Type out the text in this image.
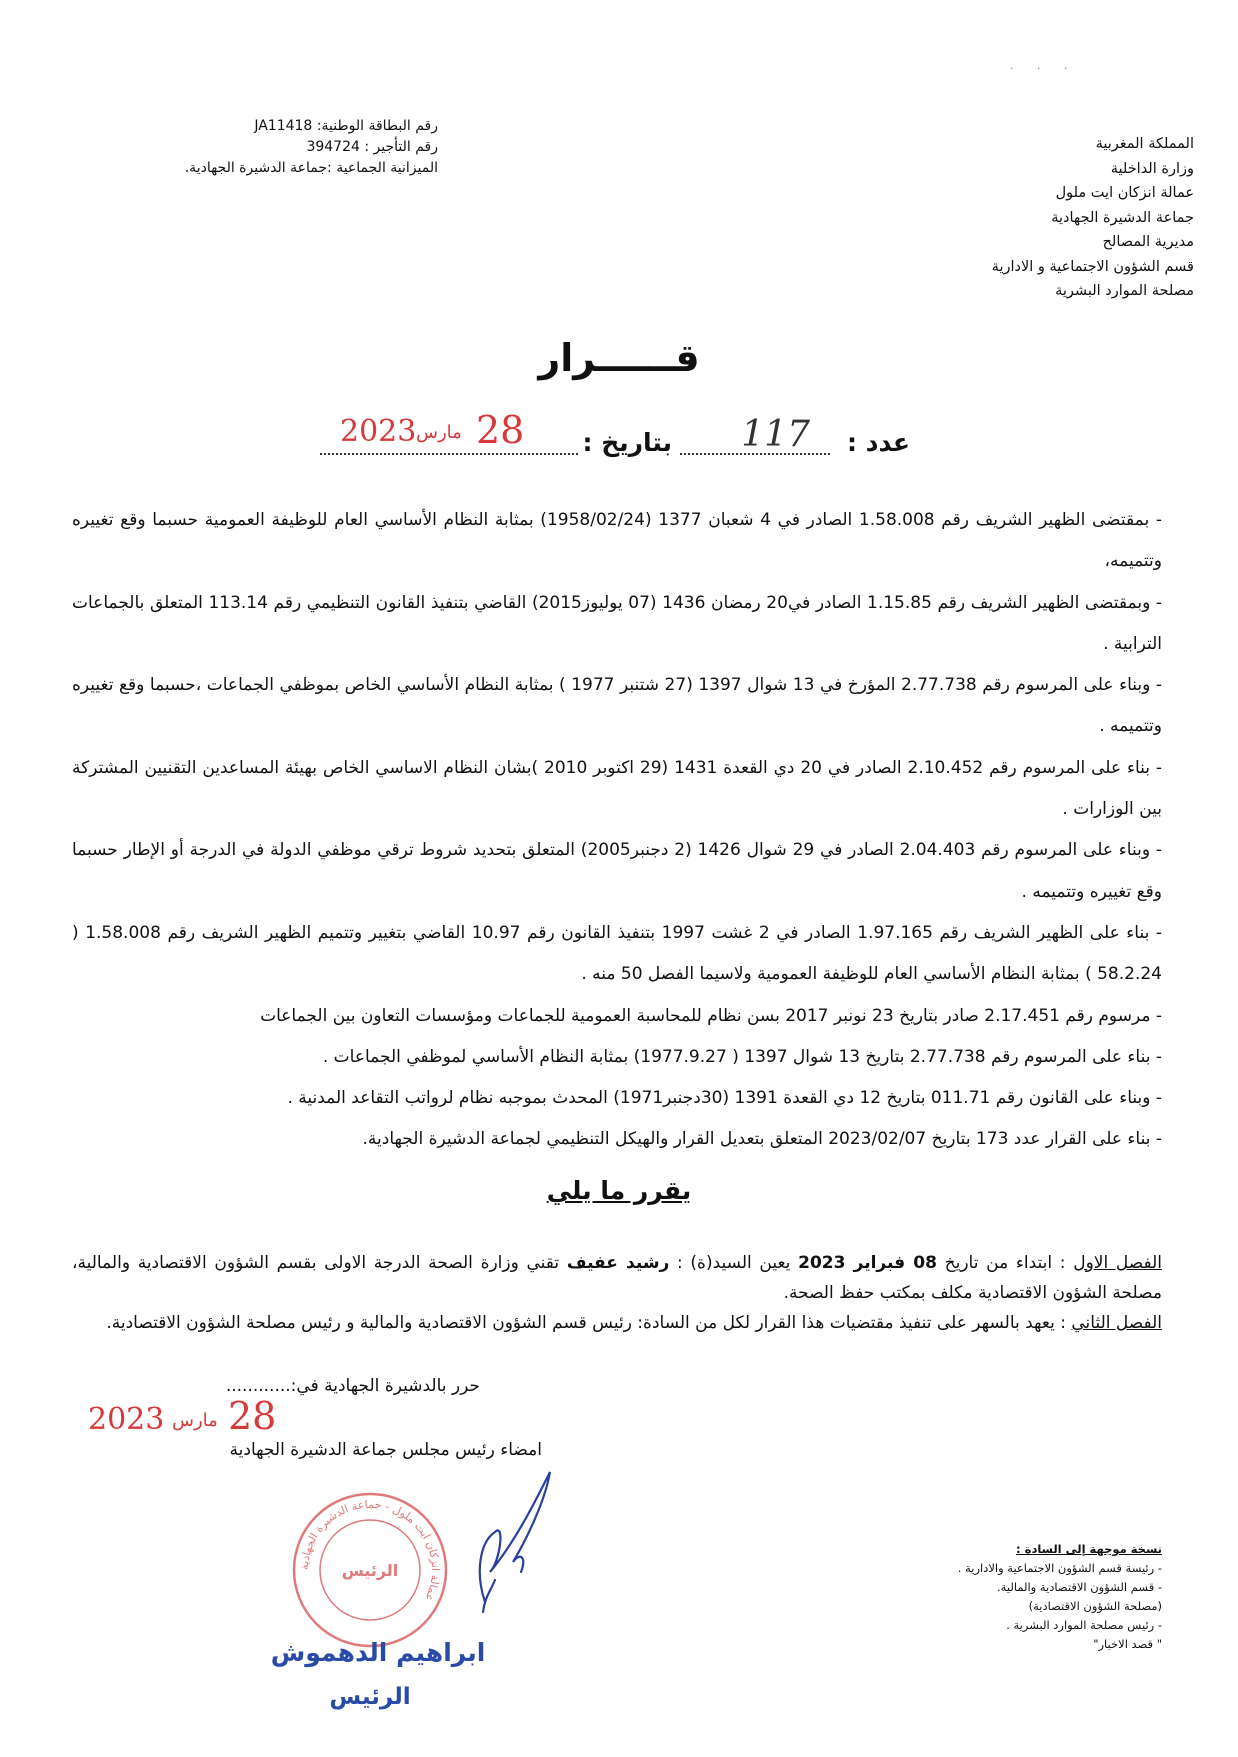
· · ·
المملكة المغربية
وزارة الداخلية
عمالة انزكان ايت ملول
جماعة الدشيرة الجهادية
مديرية المصالح
قسم الشؤون الاجتماعية و الادارية
مصلحة الموارد البشرية
رقم البطاقة الوطنية: JA11418
رقم التأجير : 394724
الميزانية الجماعية :جماعة الدشيرة الجهادية.
قــــــرار
عدد :
117
بتاريخ :
28
مارس
2023
- بمقتضى الظهير الشريف رقم 1.58.008 الصادر في 4 شعبان 1377 (1958/02/24) بمثابة النظام الأساسي العام للوظيفة العمومية حسبما وقع تغييره وتتميمه،
- وبمقتضى الظهير الشريف رقم 1.15.85 الصادر في20 رمضان 1436 (07 يوليوز2015) القاضي بتنفيذ القانون التنظيمي رقم 113.14 المتعلق بالجماعات الترابية .
- وبناء على المرسوم رقم 2.77.738 المؤرخ في 13 شوال 1397 (27 شتنبر 1977 ) بمثابة النظام الأساسي الخاص بموظفي الجماعات ،حسبما وقع تغييره وتتميمه .
- بناء على المرسوم رقم 2.10.452 الصادر في 20 دي القعدة 1431 (29 اكتوبر 2010 )بشان النظام الاساسي الخاص بهيئة المساعدين التقنيين المشتركة بين الوزارات .
- وبناء على المرسوم رقم 2.04.403 الصادر في 29 شوال 1426 (2 دجنبر2005) المتعلق بتحديد شروط ترقي موظفي الدولة في الدرجة أو الإطار حسبما وقع تغييره وتتميمه .
- بناء على الظهير الشريف رقم 1.97.165 الصادر في 2 غشت 1997 بتنفيذ القانون رقم 10.97 القاضي بتغيير وتتميم الظهير الشريف رقم 1.58.008 ( 58.2.24 ) بمثابة النظام الأساسي العام للوظيفة العمومية ولاسيما الفصل 50 منه .
- مرسوم رقم 2.17.451 صادر بتاريخ 23 نونبر 2017 بسن نظام للمحاسبة العمومية للجماعات ومؤسسات التعاون بين الجماعات
- بناء على المرسوم رقم 2.77.738 بتاريخ 13 شوال 1397 ( 1977.9.27) بمثابة النظام الأساسي لموظفي الجماعات .
- وبناء على القانون رقم 011.71 بتاريخ 12 دي القعدة 1391 (30دجنبر1971) المحدث بموجبه نظام لرواتب التقاعد المدنية .
- بناء على القرار عدد 173 بتاريخ 2023/02/07 المتعلق بتعديل القرار والهيكل التنظيمي لجماعة الدشيرة الجهادية.
يقرر ما يلي
الفصل الاول : ابتداء من تاريخ 08 فبراير 2023 يعين السيد(ة) : رشيد عفيف تقني وزارة الصحة الدرجة الاولى بقسم الشؤون الاقتصادية والمالية، مصلحة الشؤون الاقتصادية مكلف بمكتب حفظ الصحة.
الفصل الثاني : يعهد بالسهر على تنفيذ مقتضيات هذا القرار لكل من السادة: رئيس قسم الشؤون الاقتصادية والمالية و رئيس مصلحة الشؤون الاقتصادية.
حرر بالدشيرة الجهادية في:............
28
مارس
2023
امضاء رئيس مجلس جماعة الدشيرة الجهادية
عمالة انزكان ايت ملول - جماعة الدشيرة الجهادية
الرئيس
ابراهيم الدهموش
الرئيس
نسخة موجهة إلى السادة :
- رئيسة قسم الشؤون الاجتماعية والادارية .
- قسم الشؤون الاقتصادية والمالية.
(مصلحة الشؤون الاقتصادية)
- رئيس مصلحة الموارد البشرية .
" قصد الاخبار"
